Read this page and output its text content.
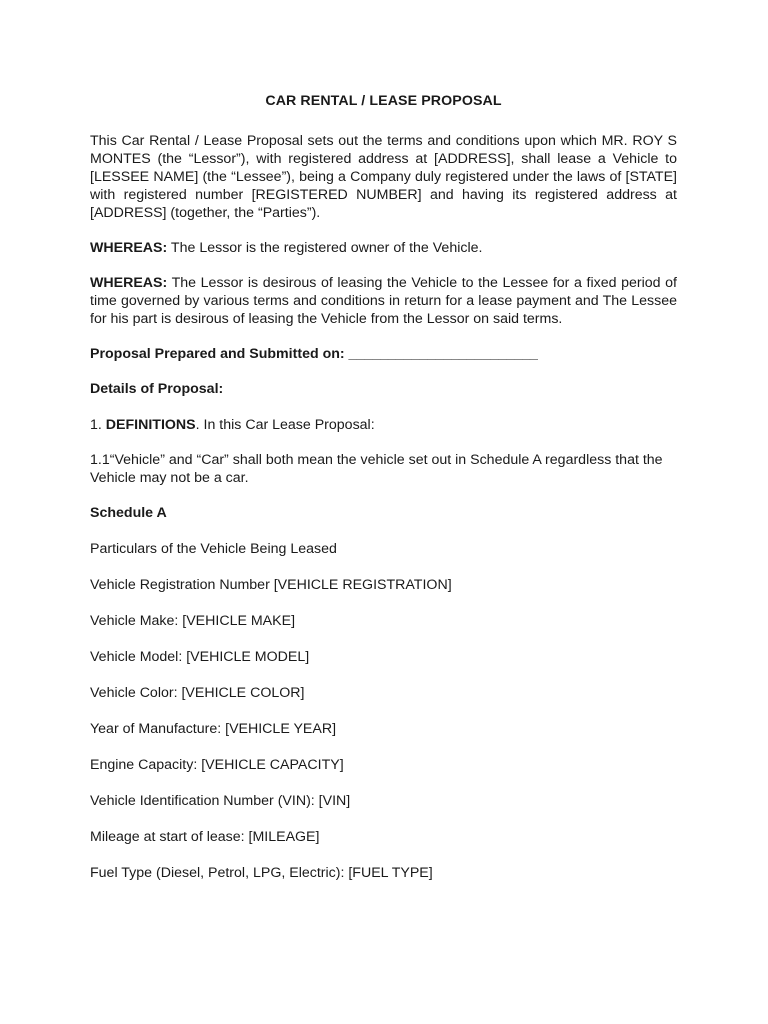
CAR RENTAL / LEASE PROPOSAL

This Car Rental / Lease Proposal sets out the terms and conditions upon which MR. ROY S MONTES (the “Lessor”), with registered address at [ADDRESS], shall lease a Vehicle to [LESSEE NAME] (the “Lessee”), being a Company duly registered under the laws of [STATE] with registered number [REGISTERED NUMBER] and having its registered address at [ADDRESS] (together, the “Parties”).

WHEREAS: The Lessor is the registered owner of the Vehicle.

WHEREAS: The Lessor is desirous of leasing the Vehicle to the Lessee for a fixed period of time governed by various terms and conditions in return for a lease payment and The Lessee for his part is desirous of leasing the Vehicle from the Lessor on said terms.

Proposal Prepared and Submitted on: ________________________

Details of Proposal:

1. DEFINITIONS. In this Car Lease Proposal:

1.1“Vehicle” and “Car” shall both mean the vehicle set out in Schedule A regardless that the Vehicle may not be a car.

Schedule A

Particulars of the Vehicle Being Leased

Vehicle Registration Number [VEHICLE REGISTRATION]

Vehicle Make: [VEHICLE MAKE]

Vehicle Model: [VEHICLE MODEL]

Vehicle Color: [VEHICLE COLOR]

Year of Manufacture: [VEHICLE YEAR]

Engine Capacity: [VEHICLE CAPACITY]

Vehicle Identification Number (VIN): [VIN]

Mileage at start of lease: [MILEAGE]

Fuel Type (Diesel, Petrol, LPG, Electric): [FUEL TYPE]
